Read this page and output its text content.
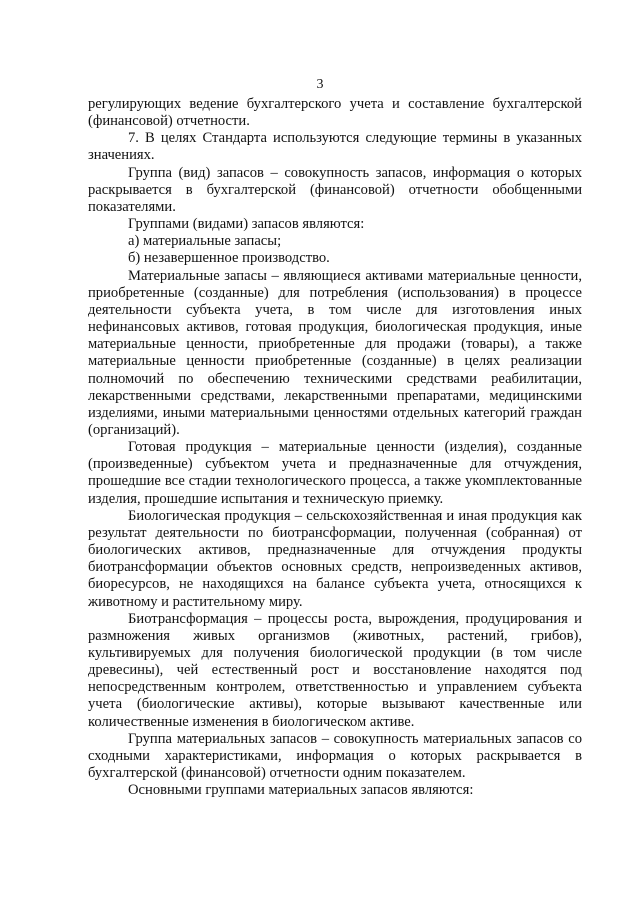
3

регулирующих ведение бухгалтерского учета и составление бухгалтерской (финансовой) отчетности.

7. В целях Стандарта используются следующие термины в указанных значениях.

Группа (вид) запасов – совокупность запасов, информация о которых раскрывается в бухгалтерской (финансовой) отчетности обобщенными показателями.

Группами (видами) запасов являются:

а) материальные запасы;

б) незавершенное производство.

Материальные запасы – являющиеся активами материальные ценности, приобретенные (созданные) для потребления (использования) в процессе деятельности субъекта учета, в том числе для изготовления иных нефинансовых активов, готовая продукция, биологическая продукция, иные материальные ценности, приобретенные для продажи (товары), а также материальные ценности приобретенные (созданные) в целях реализации полномочий по обеспечению техническими средствами реабилитации, лекарственными средствами, лекарственными препаратами, медицинскими изделиями, иными материальными ценностями отдельных категорий граждан (организаций).

Готовая продукция – материальные ценности (изделия), созданные (произведенные) субъектом учета и предназначенные для отчуждения, прошедшие все стадии технологического процесса, а также укомплектованные изделия, прошедшие испытания и техническую приемку.

Биологическая продукция – сельскохозяйственная и иная продукция как результат деятельности по биотрансформации, полученная (собранная) от биологических активов, предназначенные для отчуждения продукты биотрансформации объектов основных средств, непроизведенных активов, биоресурсов, не находящихся на балансе субъекта учета, относящихся к животному и растительному миру.

Биотрансформация – процессы роста, вырождения, продуцирования и размножения живых организмов (животных, растений, грибов), культивируемых для получения биологической продукции (в том числе древесины), чей естественный рост и восстановление находятся под непосредственным контролем, ответственностью и управлением субъекта учета (биологические активы), которые вызывают качественные или количественные изменения в биологическом активе.

Группа материальных запасов – совокупность материальных запасов со сходными характеристиками, информация о которых раскрывается в бухгалтерской (финансовой) отчетности одним показателем.

Основными группами материальных запасов являются:
